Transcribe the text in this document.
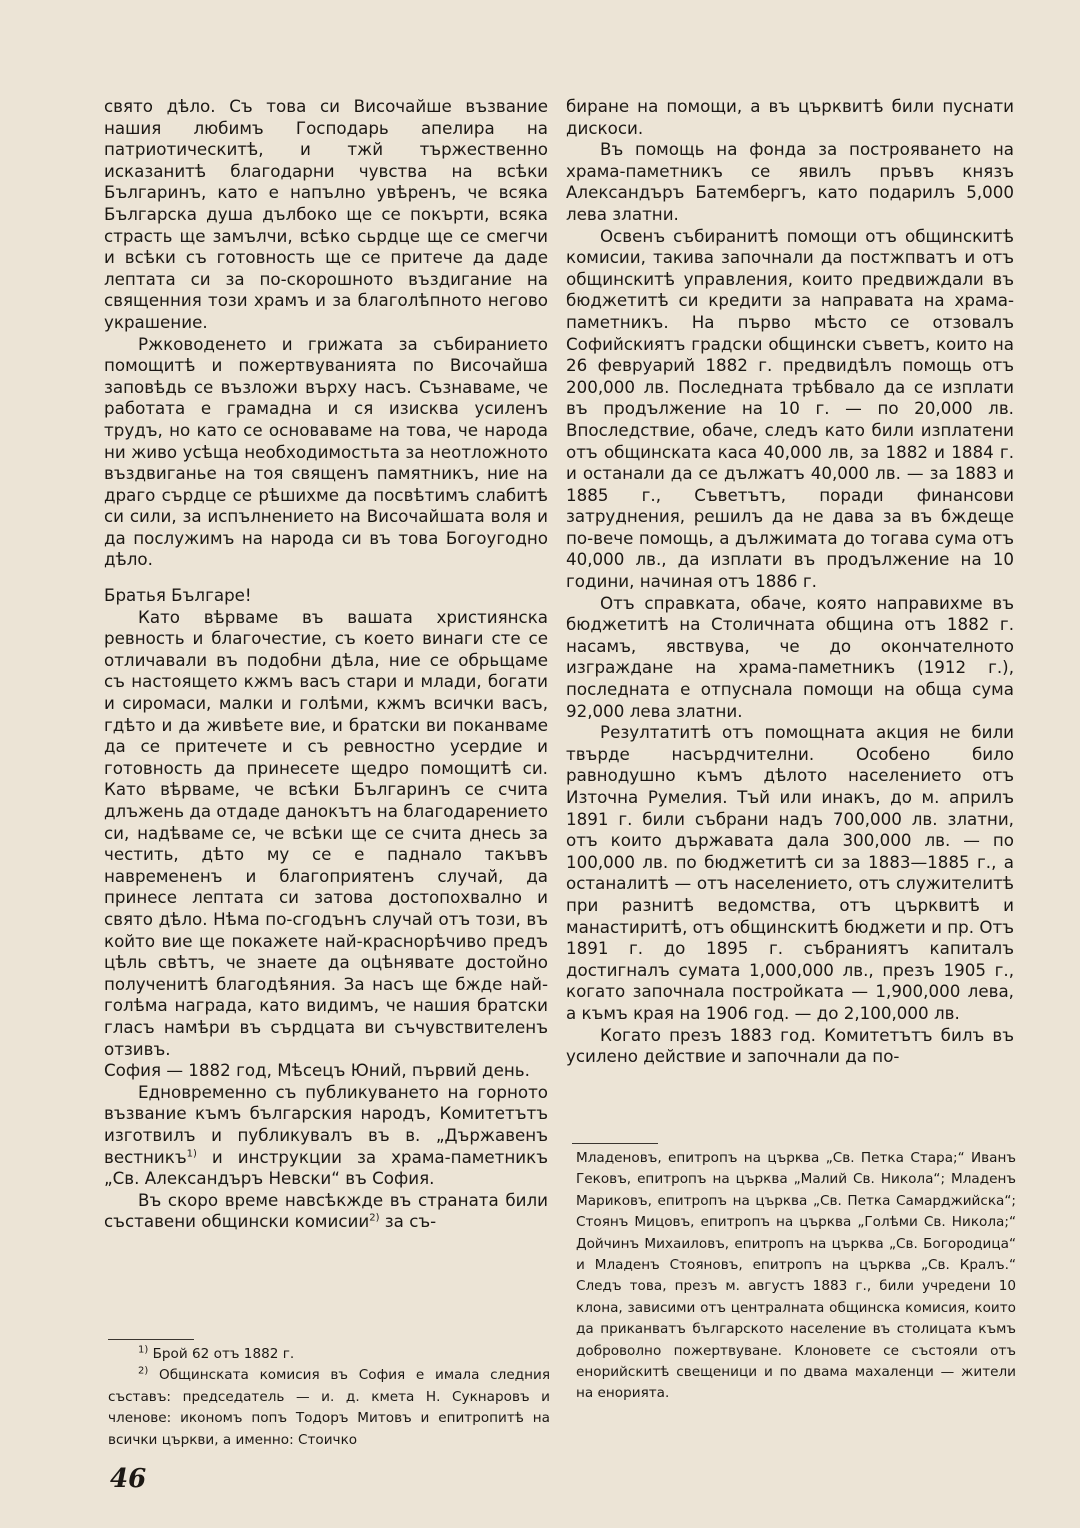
свято дѣло. Съ това си Височайше възвание нашия любимъ Господарь апелира на патриотическитѣ, и тжй тържественно исказанитѣ благодарни чувства на всѣки Българинъ, като е напълно увѣренъ, че всяка Българска душа дълбоко ще се покърти, всяка страсть ще замълчи, всѣко сьрдце ще се смегчи и всѣки съ готовность ще се притече да даде лептата си за по-скорошното въздигание на священния този храмъ и за благолѣпното негово украшение.

Ржководенето и грижата за събиранието помощитѣ и пожертвуванията по Височайша заповѣдь се възложи върху насъ. Съзнаваме, че работата е грамадна и ся изисква усиленъ трудъ, но като се основаваме на това, че народа ни живо усѣща необходимостьта за неотложното въздвиганье на тоя священъ памятникъ, ние на драго сърдце се рѣшихме да посвѣтимъ слабитѣ си сили, за испълнението на Височайшата воля и да послужимъ на народа си въ това Богоугодно дѣло.

Братья Българе!

Като вѣрваме въ вашата християнска ревность и благочестие, съ което винаги сте се отличавали въ подобни дѣла, ние се обрьщаме съ настоящето кжмъ васъ стари и млади, богати и сиромаси, малки и голѣми, кжмъ всички васъ, гдѣто и да живѣете вие, и братски ви поканваме да се притечете и съ ревностно усердие и готовность да принесете щедро помощитѣ си. Като вѣрваме, че всѣки Българинъ се счита длъжень да отдаде данокътъ на благодарението си, надѣваме се, че всѣки ще се счита днесь за честить, дѣто му се е паднало такъвъ навремененъ и благоприятенъ случай, да принесе лептата си затова достопохвално и свято дѣло. Нѣма по-сгодънъ случай отъ този, въ който вие ще покажете най-краснорѣчиво предъ цѣль свѣтъ, че знаете да оцѣнявате достойно полученитѣ благодѣяния. За насъ ще бжде най-голѣма награда, като видимъ, че нашия братски гласъ намѣри въ сърдцата ви съчувствителенъ отзивъ.

София — 1882 год, Мѣсецъ Юний, първий день.

Едновременно съ публикуването на горното възвание къмъ българския народъ, Комитетътъ изготвилъ и публикувалъ въ в. „Държавенъ вестникъ$^{1)}$ и инструкции за храма-паметникъ „Св. Александъръ Невски“ въ София.

Въ скоро време навсѣкжде въ страната били съставени общински комисии$^{2)}$ за съ-

$^{1)}$ Брой 62 отъ 1882 г.

$^{2)}$ Общинската комисия въ София е имала следния съставъ: председатель — и. д. кмета Н. Сукнаровъ и членове: икономъ попъ Тодоръ Митовъ и епитропитѣ на всички църкви, а именно: Стоичко

биране на помощи, а въ църквитѣ били пуснати дискоси.

Въ помощь на фонда за построяването на храма-паметникъ се явилъ пръвъ князъ Александъръ Батембергъ, като подарилъ 5,000 лева златни.

Освенъ събиранитѣ помощи отъ общинскитѣ комисии, такива започнали да постжпватъ и отъ общинскитѣ управления, които предвиждали въ бюджетитѣ си кредити за направата на храма-паметникъ. На първо мѣсто се отзовалъ Софийскиятъ градски общински съветъ, които на 26 февруарий 1882 г. предвидѣлъ помощь отъ 200,000 лв. Последната трѣбвало да се изплати въ продължение на 10 г. — по 20,000 лв. Впоследствие, обаче, следъ като били изплатени отъ общинската каса 40,000 лв, за 1882 и 1884 г. и останали да се дължатъ 40,000 лв. — за 1883 и 1885 г., Съветътъ, поради финансови затруднения, решилъ да не дава за въ бждеще по-вече помощь, а дължимата до тогава сума отъ 40,000 лв., да изплати въ продължение на 10 години, начиная отъ 1886 г.

Отъ справката, обаче, която направихме въ бюджетитѣ на Столичната община отъ 1882 г. насамъ, явствува, че до окончателното изграждане на храма-паметникъ (1912 г.), последната е отпуснала помощи на обща сума 92,000 лева златни.

Резултатитѣ отъ помощната акция не били твърде насърдчителни. Особено било равнодушно къмъ дѣлото населението отъ Източна Румелия. Тъй или инакъ, до м. априлъ 1891 г. били събрани надъ 700,000 лв. златни, отъ които държавата дала 300,000 лв. — по 100,000 лв. по бюджетитѣ си за 1883—1885 г., а останалитѣ — отъ населението, отъ служителитѣ при разнитѣ ведомства, отъ църквитѣ и манастиритѣ, отъ общинскитѣ бюджети и пр. Отъ 1891 г. до 1895 г. събраниятъ капиталъ достигналъ сумата 1,000,000 лв., презъ 1905 г., когато започнала постройката — 1,900,000 лева, а къмъ края на 1906 год. — до 2,100,000 лв.

Когато презъ 1883 год. Комитетътъ билъ въ усилено действие и започнали да по-

Младеновъ, епитропъ на църква „Св. Петка Стара;“ Иванъ Гековъ, епитропъ на църква „Малий Св. Никола“; Младенъ Мариковъ, епитропъ на църква „Св. Петка Самарджийска“; Стоянъ Мицовъ, епитропъ на църква „Голѣми Св. Никола;“ Дойчинъ Михаиловъ, епитропъ на църква „Св. Богородица“ и Младенъ Стояновъ, епитропъ на църква „Св. Кралъ.“ Следъ това, презъ м. августъ 1883 г., били учредени 10 клона, зависими отъ централната общинска комисия, които да приканватъ българското население въ столицата къмъ доброволно пожертвуване. Клоновете се състояли отъ енорийскитѣ свещеници и по двама махаленци — жители на енорията.

46
